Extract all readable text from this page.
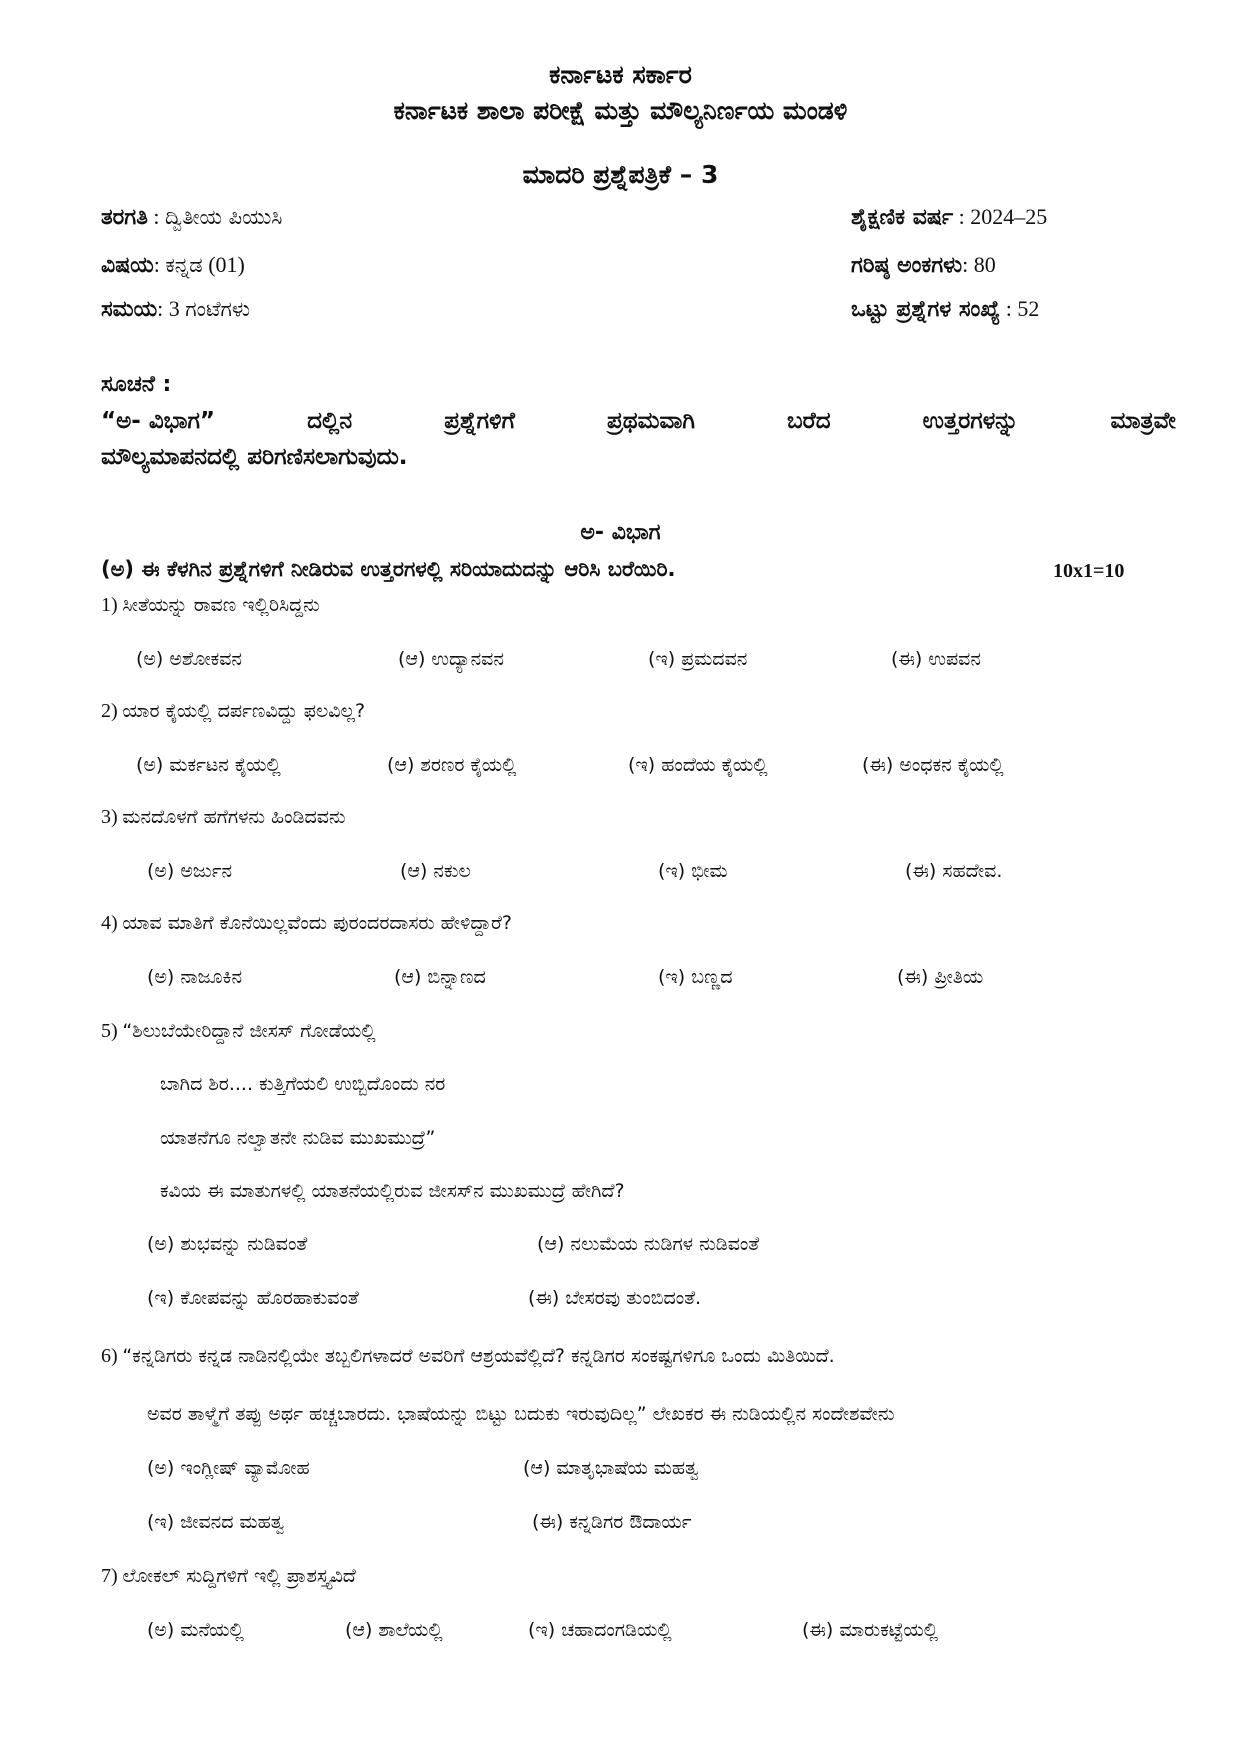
ಕರ್ನಾಟಕ ಸರ್ಕಾರ
ಕರ್ನಾಟಕ ಶಾಲಾ ಪರೀಕ್ಷೆ ಮತ್ತು ಮೌಲ್ಯನಿರ್ಣಯ ಮಂಡಳಿ
ಮಾದರಿ ಪ್ರಶ್ನೆಪತ್ರಿಕೆ – 3
ತರಗತಿ : ದ್ವಿತೀಯ ಪಿಯುಸಿ
ವಿಷಯ: ಕನ್ನಡ (01)
ಸಮಯ: 3 ಗಂಟೆಗಳು
ಶೈಕ್ಷಣಿಕ ವರ್ಷ : 2024–25
ಗರಿಷ್ಠ ಅಂಕಗಳು: 80
ಒಟ್ಟು ಪ್ರಶ್ನೆಗಳ ಸಂಖ್ಯೆ : 52
ಸೂಚನೆ :
“ಅ- ವಿಭಾಗ”	ದಲ್ಲಿನ	ಪ್ರಶ್ನೆಗಳಿಗೆ	ಪ್ರಥಮವಾಗಿ	ಬರೆದ	ಉತ್ತರಗಳನ್ನು	ಮಾತ್ರವೇ
ಮೌಲ್ಯಮಾಪನದಲ್ಲಿ ಪರಿಗಣಿಸಲಾಗುವುದು.
ಅ- ವಿಭಾಗ
(ಅ) ಈ ಕೆಳಗಿನ ಪ್ರಶ್ನೆಗಳಿಗೆ ನೀಡಿರುವ ಉತ್ತರಗಳಲ್ಲಿ ಸರಿಯಾದುದನ್ನು ಆರಿಸಿ ಬರೆಯಿರಿ.	10x1=10
1) ಸೀತೆಯನ್ನು ರಾವಣ ಇಲ್ಲಿರಿಸಿದ್ದನು
(ಅ) ಅಶೋಕವನ	(ಆ) ಉದ್ಯಾನವನ	(ಇ) ಪ್ರಮದವನ	(ಈ) ಉಪವನ
2) ಯಾರ ಕೈಯಲ್ಲಿ ದರ್ಪಣವಿದ್ದು ಫಲವಿಲ್ಲ?
(ಅ) ಮರ್ಕಟನ ಕೈಯಲ್ಲಿ	(ಆ) ಶರಣರ ಕೈಯಲ್ಲಿ	(ಇ) ಹಂದೆಯ ಕೈಯಲ್ಲಿ	(ಈ) ಅಂಧಕನ ಕೈಯಲ್ಲಿ
3) ಮನದೊಳಗೆ ಹಗೆಗಳನು ಹಿಂಡಿದವನು
(ಅ) ಅರ್ಜುನ	(ಆ) ನಕುಲ	(ಇ) ಭೀಮ	(ಈ) ಸಹದೇವ.
4) ಯಾವ ಮಾತಿಗೆ ಕೊನೆಯಿಲ್ಲವೆಂದು ಪುರಂದರದಾಸರು ಹೇಳಿದ್ದಾರೆ?
(ಅ) ನಾಜೂಕಿನ	(ಆ) ಬಿನ್ನಾಣದ	(ಇ) ಬಣ್ಣದ	(ಈ) ಪ್ರೀತಿಯ
5) “ಶಿಲುಬೆಯೇರಿದ್ದಾನೆ ಜೀಸಸ್ ಗೋಡೆಯಲ್ಲಿ
ಬಾಗಿದ ಶಿರ.... ಕುತ್ತಿಗೆಯಲಿ ಉಬ್ಬಿದೊಂದು ನರ
ಯಾತನೆಗೂ ನಲ್ವಾತನೇ ನುಡಿವ ಮುಖಮುದ್ರೆ”
ಕವಿಯ ಈ ಮಾತುಗಳಲ್ಲಿ ಯಾತನೆಯಲ್ಲಿರುವ ಜೀಸಸ್‌ನ ಮುಖಮುದ್ರೆ ಹೇಗಿದೆ?
(ಅ) ಶುಭವನ್ನು ನುಡಿವಂತೆ	(ಆ) ನಲುಮೆಯ ನುಡಿಗಳ ನುಡಿವಂತೆ
(ಇ) ಕೋಪವನ್ನು ಹೊರಹಾಕುವಂತೆ	(ಈ) ಬೇಸರವು ತುಂಬಿದಂತೆ.
6) “ಕನ್ನಡಿಗರು ಕನ್ನಡ ನಾಡಿನಲ್ಲಿಯೇ ತಬ್ಬಲಿಗಳಾದರೆ ಅವರಿಗೆ ಆಶ್ರಯವೆಲ್ಲಿದೆ? ಕನ್ನಡಿಗರ ಸಂಕಷ್ಟಗಳಿಗೂ ಒಂದು ಮಿತಿಯಿದೆ.
ಅವರ ತಾಳ್ಮೆಗೆ ತಪ್ಪು ಅರ್ಥ ಹಚ್ಚಬಾರದು. ಭಾಷೆಯನ್ನು ಬಿಟ್ಟು ಬದುಕು ಇರುವುದಿಲ್ಲ” ಲೇಖಕರ ಈ ನುಡಿಯಲ್ಲಿನ ಸಂದೇಶವೇನು
(ಅ) ಇಂಗ್ಲೀಷ್ ವ್ಯಾಮೋಹ	(ಆ) ಮಾತೃಭಾಷೆಯ ಮಹತ್ವ
(ಇ) ಜೀವನದ ಮಹತ್ವ	(ಈ) ಕನ್ನಡಿಗರ ಔದಾರ್ಯ
7) ಲೋಕಲ್ ಸುದ್ದಿಗಳಿಗೆ ಇಲ್ಲಿ ಪ್ರಾಶಸ್ತ್ಯವಿದೆ
(ಅ) ಮನೆಯಲ್ಲಿ	(ಆ) ಶಾಲೆಯಲ್ಲಿ	(ಇ) ಚಹಾದಂಗಡಿಯಲ್ಲಿ	(ಈ) ಮಾರುಕಟ್ಟೆಯಲ್ಲಿ
